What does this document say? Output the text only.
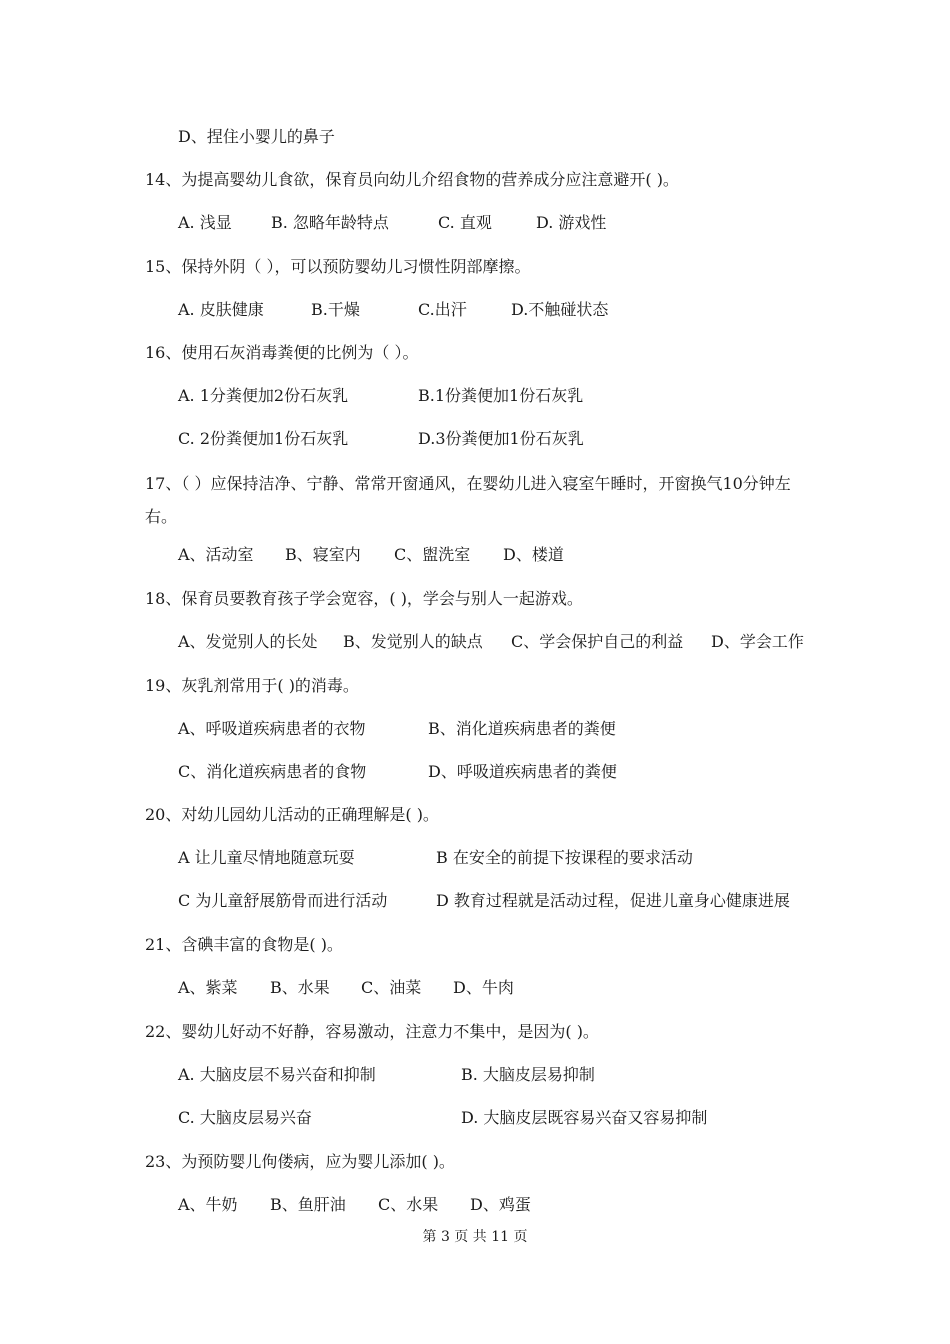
D、捏住小婴儿的鼻子
14、为提高婴幼儿食欲，保育员向幼儿介绍食物的营养成分应注意避开( )。
A. 浅显 B. 忽略年龄特点	C. 直观	D. 游戏性
15、保持外阴（ ），可以预防婴幼儿习惯性阴部摩擦。
A. 皮肤健康	B.干燥	C.出汗	D.不触碰状态
16、使用石灰消毒粪便的比例为（ ）。
A. 1分粪便加2份石灰乳	B.1份粪便加1份石灰乳
C. 2份粪便加1份石灰乳	D.3份粪便加1份石灰乳
17、（ ）应保持洁净、宁静、常常开窗通风，在婴幼儿进入寝室午睡时，开窗换气10分钟左右。
A、活动室 B、寝室内 C、盥洗室 D、楼道
18、保育员要教育孩子学会宽容，( )，学会与别人一起游戏。
A、发觉别人的长处 B、发觉别人的缺点 C、学会保护自己的利益 D、学会工作
19、灰乳剂常用于( )的消毒。
A、呼吸道疾病患者的衣物	B、消化道疾病患者的粪便
C、消化道疾病患者的食物	D、呼吸道疾病患者的粪便
20、对幼儿园幼儿活动的正确理解是( )。
A 让儿童尽情地随意玩耍	B 在安全的前提下按课程的要求活动
C 为儿童舒展筋骨而进行活动	D 教育过程就是活动过程，促进儿童身心健康进展
21、含碘丰富的食物是( )。
A、紫菜 B、水果 C、油菜 D、牛肉
22、婴幼儿好动不好静，容易激动，注意力不集中，是因为( )。
A. 大脑皮层不易兴奋和抑制	B. 大脑皮层易抑制
C. 大脑皮层易兴奋	D. 大脑皮层既容易兴奋又容易抑制
23、为预防婴儿佝偻病，应为婴儿添加( )。
A、牛奶 B、鱼肝油 C、水果 D、鸡蛋
第 3 页 共 11 页
